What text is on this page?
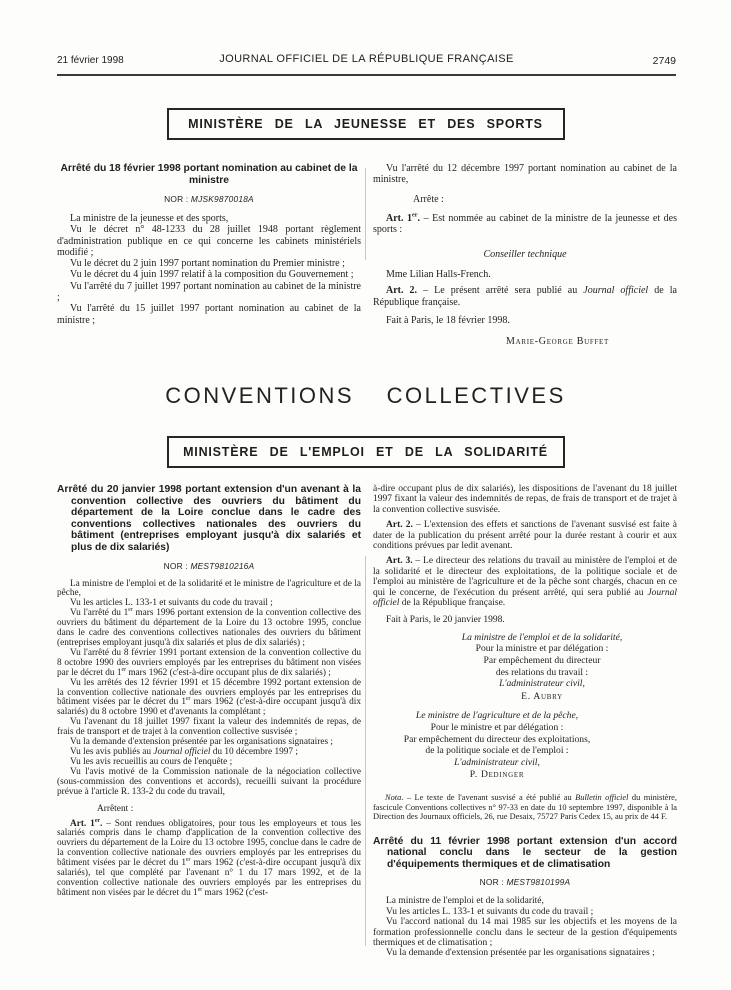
21 février 1998	JOURNAL OFFICIEL DE LA RÉPUBLIQUE FRANÇAISE	2749
MINISTÈRE DE LA JEUNESSE ET DES SPORTS

Arrêté du 18 février 1998 portant nomination au cabinet de la ministre

NOR : MJSK9870018A

La ministre de la jeunesse et des sports,

Vu le décret n° 48-1233 du 28 juillet 1948 portant règlement d'administration publique en ce qui concerne les cabinets ministériels modifié ;

Vu le décret du 2 juin 1997 portant nomination du Premier ministre ;

Vu le décret du 4 juin 1997 relatif à la composition du Gouvernement ;

Vu l'arrêté du 7 juillet 1997 portant nomination au cabinet de la ministre ;

Vu l'arrêté du 15 juillet 1997 portant nomination au cabinet de la ministre ;

Vu l'arrêté du 12 décembre 1997 portant nomination au cabinet de la ministre,

Arrête :

Art. 1er. – Est nommée au cabinet de la ministre de la jeunesse et des sports :

Conseiller technique

Mme Lilian Halls-French.

Art. 2. – Le présent arrêté sera publié au Journal officiel de la République française.

Fait à Paris, le 18 février 1998.

Marie-George Buffet

CONVENTIONS COLLECTIVES
MINISTÈRE DE L'EMPLOI ET DE LA SOLIDARITÉ

Arrêté du 20 janvier 1998 portant extension d'un avenant à la convention collective des ouvriers du bâtiment du département de la Loire conclue dans le cadre des conventions collectives nationales des ouvriers du bâtiment (entreprises employant jusqu'à dix salariés et plus de dix salariés)

NOR : MEST9810216A

La ministre de l'emploi et de la solidarité et le ministre de l'agriculture et de la pêche,

Vu les articles L. 133-1 et suivants du code du travail ;

Vu l'arrêté du 1er mars 1996 portant extension de la convention collective des ouvriers du bâtiment du département de la Loire du 13 octobre 1995, conclue dans le cadre des conventions collectives nationales des ouvriers du bâtiment (entreprises employant jusqu'à dix salariés et plus de dix salariés) ;

Vu l'arrêté du 8 février 1991 portant extension de la convention collective du 8 octobre 1990 des ouvriers employés par les entreprises du bâtiment non visées par le décret du 1er mars 1962 (c'est-à-dire occupant plus de dix salariés) ;

Vu les arrêtés des 12 février 1991 et 15 décembre 1992 portant extension de la convention collective nationale des ouvriers employés par les entreprises du bâtiment visées par le décret du 1er mars 1962 (c'est-à-dire occupant jusqu'à dix salariés) du 8 octobre 1990 et d'avenants la complétant ;

Vu l'avenant du 18 juillet 1997 fixant la valeur des indemnités de repas, de frais de transport et de trajet à la convention collective susvisée ;

Vu la demande d'extension présentée par les organisations signataires ;

Vu les avis publiés au Journal officiel du 10 décembre 1997 ;

Vu les avis recueillis au cours de l'enquête ;

Vu l'avis motivé de la Commission nationale de la négociation collective (sous-commission des conventions et accords), recueilli suivant la procédure prévue à l'article R. 133-2 du code du travail,

Arrêtent :

Art. 1er. – Sont rendues obligatoires, pour tous les employeurs et tous les salariés compris dans le champ d'application de la convention collective des ouvriers du département de la Loire du 13 octobre 1995, conclue dans le cadre de la convention collective nationale des ouvriers employés par les entreprises du bâtiment visées par le décret du 1er mars 1962 (c'est-à-dire occupant jusqu'à dix salariés), tel que complété par l'avenant n° 1 du 17 mars 1992, et de la convention collective nationale des ouvriers employés par les entreprises du bâtiment non visées par le décret du 1er mars 1962 (c'est-

à-dire occupant plus de dix salariés), les dispositions de l'avenant du 18 juillet 1997 fixant la valeur des indemnités de repas, de frais de transport et de trajet à la convention collective susvisée.

Art. 2. – L'extension des effets et sanctions de l'avenant susvisé est faite à dater de la publication du présent arrêté pour la durée restant à courir et aux conditions prévues par ledit avenant.

Art. 3. – Le directeur des relations du travail au ministère de l'emploi et de la solidarité et le directeur des exploitations, de la politique sociale et de l'emploi au ministère de l'agriculture et de la pêche sont chargés, chacun en ce qui le concerne, de l'exécution du présent arrêté, qui sera publié au Journal officiel de la République française.

Fait à Paris, le 20 janvier 1998.

La ministre de l'emploi et de la solidarité,

Pour la ministre et par délégation :

Par empêchement du directeur

des relations du travail :

L'administrateur civil,

E. Aubry

Le ministre de l'agriculture et de la pêche,

Pour le ministre et par délégation :

Par empêchement du directeur des exploitations,

de la politique sociale et de l'emploi :

L'administrateur civil,

P. Dedinger

Nota. – Le texte de l'avenant susvisé a été publié au Bulletin officiel du ministère, fascicule Conventions collectives n° 97-33 en date du 10 septembre 1997, disponible à la Direction des Journaux officiels, 26, rue Desaix, 75727 Paris Cedex 15, au prix de 44 F.

Arrêté du 11 février 1998 portant extension d'un accord national conclu dans le secteur de la gestion d'équipements thermiques et de climatisation

NOR : MEST9810199A

La ministre de l'emploi et de la solidarité,

Vu les articles L. 133-1 et suivants du code du travail ;

Vu l'accord national du 14 mai 1985 sur les objectifs et les moyens de la formation professionnelle conclu dans le secteur de la gestion d'équipements thermiques et de climatisation ;

Vu la demande d'extension présentée par les organisations signataires ;
